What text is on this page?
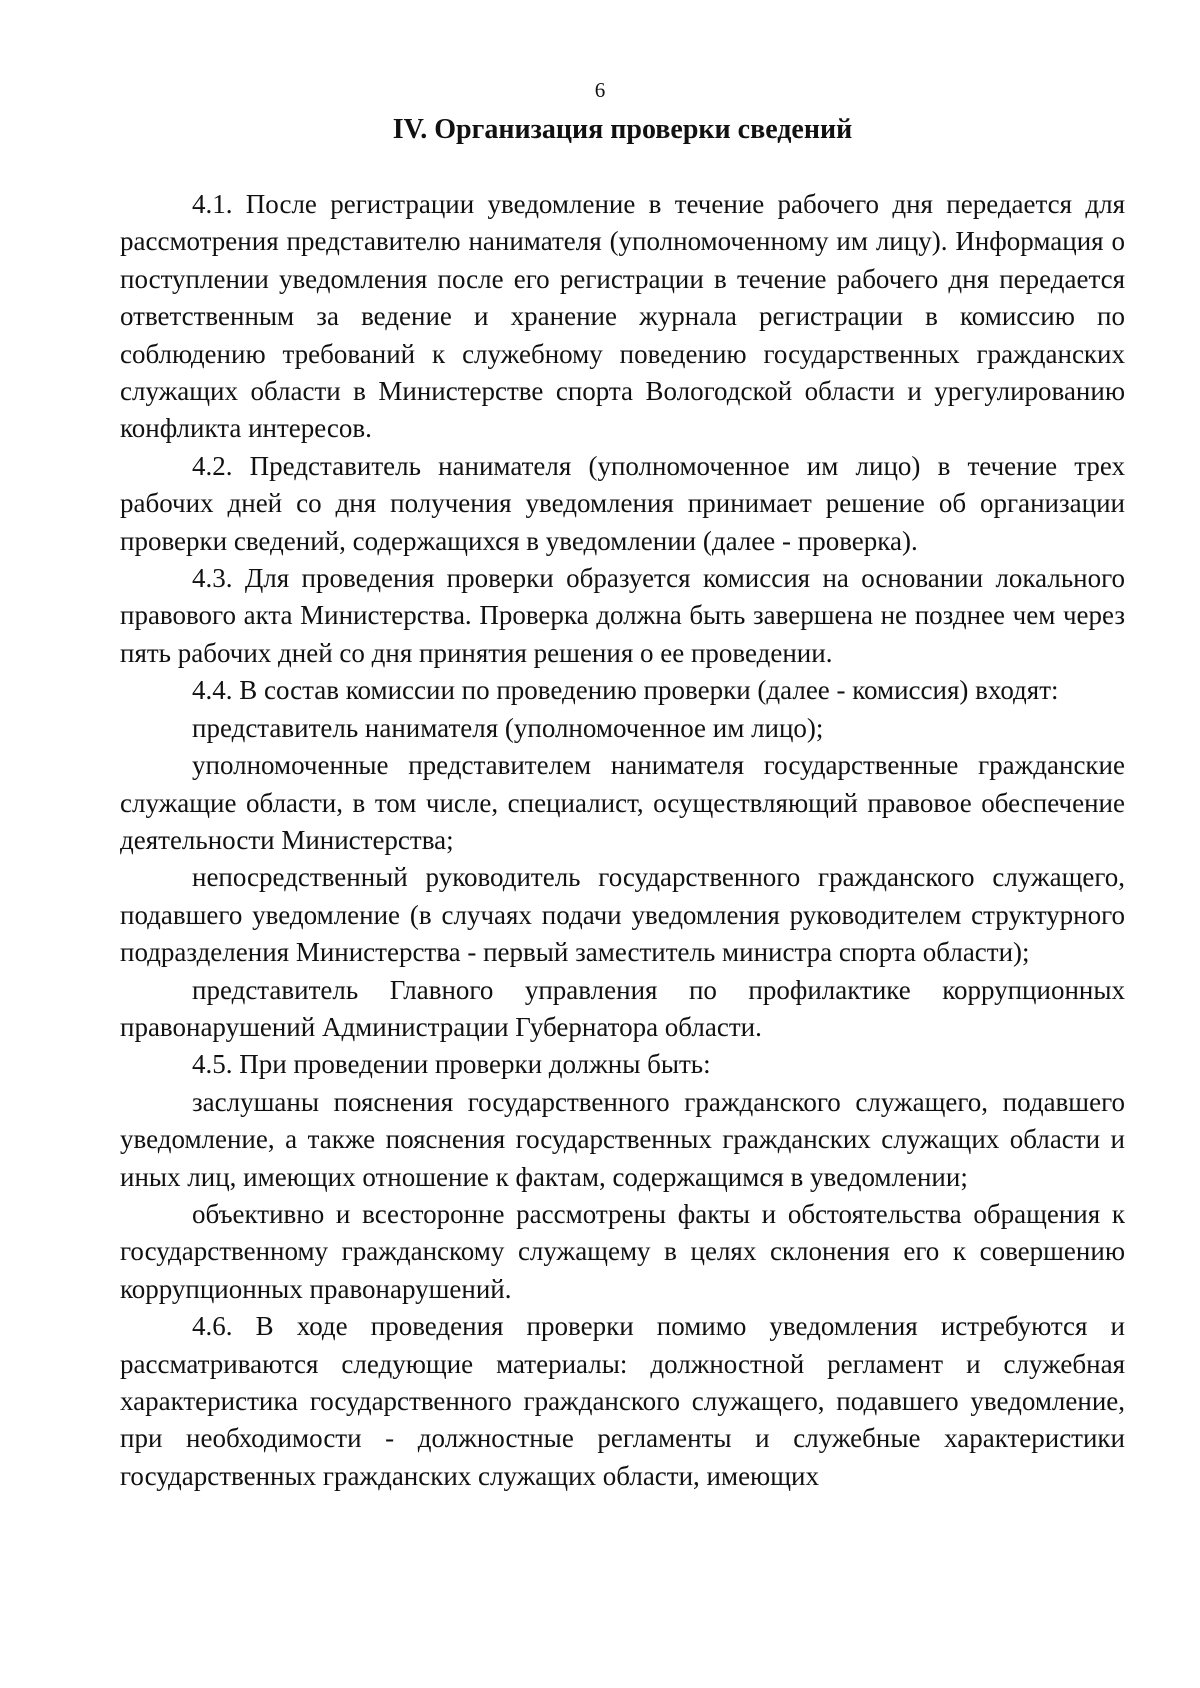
6
IV. Организация проверки сведений

4.1. После регистрации уведомление в течение рабочего дня передается для рассмотрения представителю нанимателя (уполномоченному им лицу). Информация о поступлении уведомления после его регистрации в течение рабочего дня передается ответственным за ведение и хранение журнала регистрации в комиссию по соблюдению требований к служебному поведению государственных гражданских служащих области в Министерстве спорта Вологодской области и урегулированию конфликта интересов.

4.2. Представитель нанимателя (уполномоченное им лицо) в течение трех рабочих дней со дня получения уведомления принимает решение об организации проверки сведений, содержащихся в уведомлении (далее - проверка).

4.3. Для проведения проверки образуется комиссия на основании локального правового акта Министерства. Проверка должна быть завершена не позднее чем через пять рабочих дней со дня принятия решения о ее проведении.

4.4. В состав комиссии по проведению проверки (далее - комиссия) входят:

представитель нанимателя (уполномоченное им лицо);

уполномоченные представителем нанимателя государственные гражданские служащие области, в том числе, специалист, осуществляющий правовое обеспечение деятельности Министерства;

непосредственный руководитель государственного гражданского служащего, подавшего уведомление (в случаях подачи уведомления руководителем структурного подразделения Министерства - первый заместитель министра спорта области);

представитель Главного управления по профилактике коррупционных правонарушений Администрации Губернатора области.

4.5. При проведении проверки должны быть:

заслушаны пояснения государственного гражданского служащего, подавшего уведомление, а также пояснения государственных гражданских служащих области и иных лиц, имеющих отношение к фактам, содержащимся в уведомлении;

объективно и всесторонне рассмотрены факты и обстоятельства обращения к государственному гражданскому служащему в целях склонения его к совершению коррупционных правонарушений.

4.6. В ходе проведения проверки помимо уведомления истребуются и рассматриваются следующие материалы: должностной регламент и служебная характеристика государственного гражданского служащего, подавшего уведомление, при необходимости - должностные регламенты и служебные характеристики государственных гражданских служащих области, имеющих
